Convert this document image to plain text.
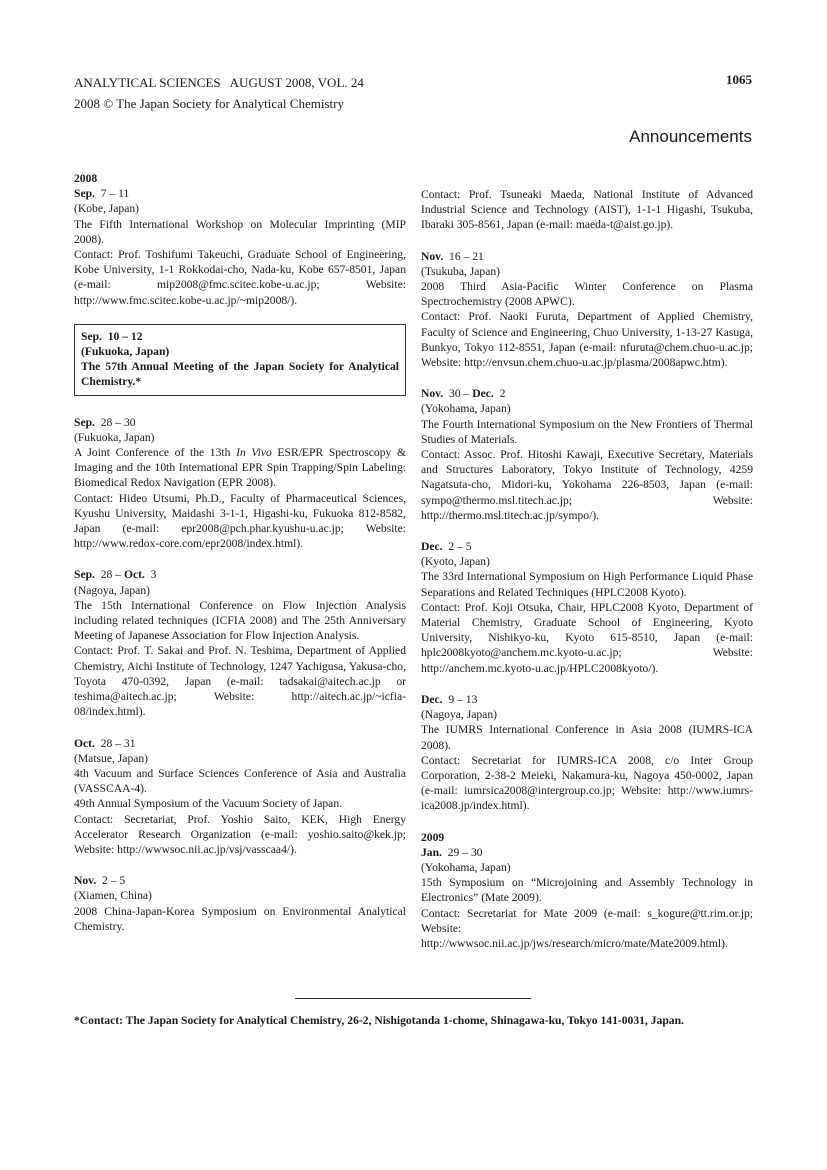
ANALYTICAL SCIENCES   AUGUST 2008, VOL. 24
2008 © The Japan Society for Analytical Chemistry
1065
Announcements
2008

Sep. 7 – 11

(Kobe, Japan)

The Fifth International Workshop on Molecular Imprinting (MIP 2008).

Contact: Prof. Toshifumi Takeuchi, Graduate School of Engineering, Kobe University, 1-1 Rokkodai-cho, Nada-ku, Kobe 657-8501, Japan (e-mail: mip2008@fmc.scitec.kobe-u.ac.jp; Website: http://www.fmc.scitec.kobe-u.ac.jp/~mip2008/).

Sep.  10 – 12

(Fukuoka, Japan)

The 57th Annual Meeting of the Japan Society for Analytical Chemistry.*

Sep. 28 – 30

(Fukuoka, Japan)

A Joint Conference of the 13th In Vivo ESR/EPR Spectroscopy & Imaging and the 10th International EPR Spin Trapping/Spin Labeling: Biomedical Redox Navigation (EPR 2008).

Contact: Hideo Utsumi, Ph.D., Faculty of Pharmaceutical Sciences, Kyushu University, Maidashi 3-1-1, Higashi-ku, Fukuoka 812-8582, Japan (e-mail: epr2008@pch.phar.kyushu-u.ac.jp; Website: http://www.redox-core.com/epr2008/index.html).

Sep. 28 – Oct. 3

(Nagoya, Japan)

The 15th International Conference on Flow Injection Analysis including related techniques (ICFIA 2008) and The 25th Anniversary Meeting of Japanese Association for Flow Injection Analysis.

Contact: Prof. T. Sakai and Prof. N. Teshima, Department of Applied Chemistry, Aichi Institute of Technology, 1247 Yachigusa, Yakusa-cho, Toyota 470-0392, Japan (e-mail: tadsakai@aitech.ac.jp or teshima@aitech.ac.jp; Website: http://aitech.ac.jp/~icfia-08/index.html).

Oct. 28 – 31

(Matsue, Japan)

4th Vacuum and Surface Sciences Conference of Asia and Australia (VASSCAA-4).

49th Annual Symposium of the Vacuum Society of Japan.

Contact: Secretariat, Prof. Yoshio Saito, KEK, High Energy Accelerator Research Organization (e-mail: yoshio.saito@kek.jp; Website: http://wwwsoc.nii.ac.jp/vsj/vasscaa4/).

Nov. 2 – 5

(Xiamen, China)

2008 China-Japan-Korea Symposium on Environmental Analytical Chemistry.

Contact: Prof. Tsuneaki Maeda, National Institute of Advanced Industrial Science and Technology (AIST), 1-1-1 Higashi, Tsukuba, Ibaraki 305-8561, Japan (e-mail: maeda-t@aist.go.jp).

Nov. 16 – 21

(Tsukuba, Japan)

2008 Third Asia-Pacific Winter Conference on Plasma Spectrochemistry (2008 APWC).

Contact: Prof. Naoki Furuta, Department of Applied Chemistry, Faculty of Science and Engineering, Chuo University, 1-13-27 Kasuga, Bunkyo, Tokyo 112-8551, Japan (e-mail: nfuruta@chem.chuo-u.ac.jp; Website: http://envsun.chem.chuo-u.ac.jp/plasma/2008apwc.htm).

Nov. 30 – Dec. 2

(Yokohama, Japan)

The Fourth International Symposium on the New Frontiers of Thermal Studies of Materials.

Contact: Assoc. Prof. Hitoshi Kawaji, Executive Secretary, Materials and Structures Laboratory, Tokyo Institute of Technology, 4259 Nagatsuta-cho, Midori-ku, Yokohama 226-8503, Japan (e-mail: sympo@thermo.msl.titech.ac.jp; Website: http://thermo.msl.titech.ac.jp/sympo/).

Dec. 2 – 5

(Kyoto, Japan)

The 33rd International Symposium on High Performance Liquid Phase Separations and Related Techniques (HPLC2008 Kyoto).

Contact: Prof. Koji Otsuka, Chair, HPLC2008 Kyoto, Department of Material Chemistry, Graduate School of Engineering, Kyoto University, Nishikyo-ku, Kyoto 615-8510, Japan (e-mail: hplc2008kyoto@anchem.mc.kyoto-u.ac.jp; Website: http://anchem.mc.kyoto-u.ac.jp/HPLC2008kyoto/).

Dec. 9 – 13

(Nagoya, Japan)

The IUMRS International Conference in Asia 2008 (IUMRS-ICA 2008).

Contact: Secretariat for IUMRS-ICA 2008, c/o Inter Group Corporation, 2-38-2 Meieki, Nakamura-ku, Nagoya 450-0002, Japan (e-mail: iumrsica2008@intergroup.co.jp; Website: http://www.iumrs-ica2008.jp/index.html).

2009

Jan. 29 – 30

(Yokohama, Japan)

15th Symposium on “Microjoining and Assembly Technology in Electronics” (Mate 2009).

Contact: Secretariat for Mate 2009 (e-mail: s_kogure@tt.rim.or.jp; Website: http://wwwsoc.nii.ac.jp/jws/research/micro/mate/Mate2009.html).

*Contact: The Japan Society for Analytical Chemistry, 26-2, Nishigotanda 1-chome, Shinagawa-ku, Tokyo 141-0031, Japan.
